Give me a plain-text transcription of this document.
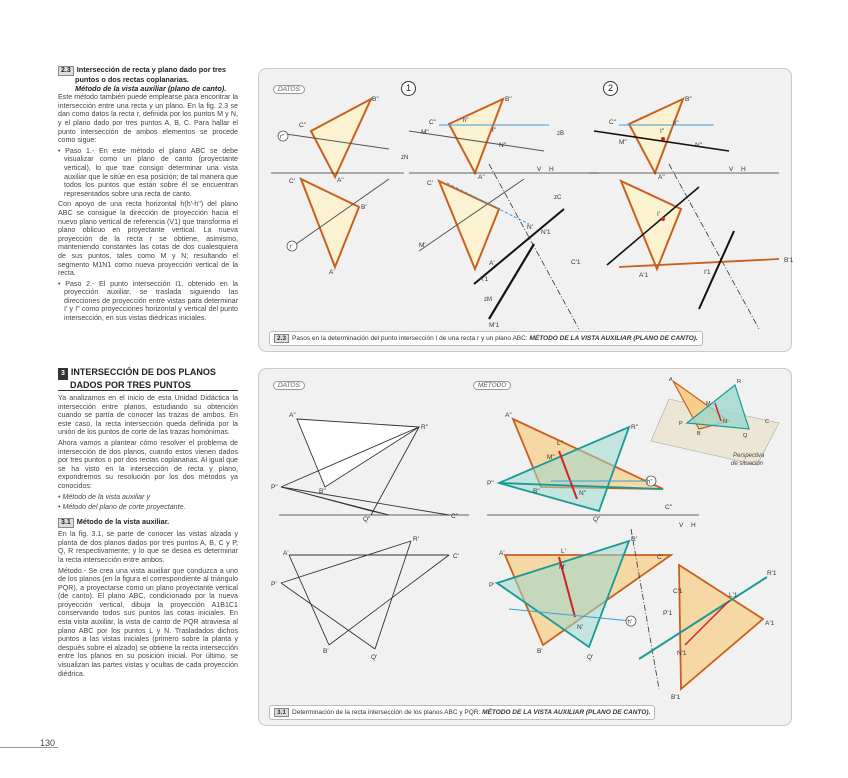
2.3 Intersección de recta y plano dado por tres
puntos o dos rectas coplanarias.
Método de la vista auxiliar (plano de canto).

Este método también puede emplearse para encontrar la intersección entre una recta y un plano. En la fig. 2.3 se dan como datos la recta r, definida por los puntos M y N, y el plano dado por tres puntos A, B, C. Para hallar el punto intersección de ambos elementos se procede como sigue:

• Paso 1.- En este método el plano ABC se debe visualizar como un plano de canto (proyectante vertical), lo que trae consigo determinar una vista auxiliar que le sitúe en esa posición; de tal manera que todos los puntos que están sobre él se encuentran representados sobre una recta de canto.

Con apoyo de una recta horizontal h(h'-h") del plano ABC se consigue la dirección de proyección hacia el nuevo plano vertical de referencia (V1) que transforma el plano oblicuo en proyectante vertical. La nueva proyección de la recta r se obtiene, asimismo, manteniendo constantes las cotas de dos cualesquiera de sus puntos, tales como M y N; resultando el segmento M1N1 como nueva proyección vertical de la recta.

• Paso 2.- El punto intersección I1, obtenido en la proyección auxiliar, se traslada siguiendo las direcciones de proyección entre vistas para determinar I' y I" como proyecciones horizontal y vertical del punto intersección, en sus vistas diédricas iniciales.

3 INTERSECCIÓN DE DOS PLANOS
DADOS POR TRES PUNTOS

Ya analizamos en el inicio de esta Unidad Didáctica la intersección entre planos, estudiando su obtención cuando se partía de conocer las trazas de ambos. En este caso, la recta intersección queda definida por la unión de los puntos de corte de las trazas homónimas.

Ahora vamos a plantear cómo resolver el problema de intersección de dos planos, cuando estos vienen dados por tres puntos o por dos rectas coplanarias. Al igual que se ha visto en la intersección de recta y plano, expondremos su resolución por los dos métodos ya conocidos:

• Método de la vista auxiliar y

• Método del plano de corte proyectante.

3.1 Método de la vista auxiliar.

En la fig. 3.1, se parte de conocer las vistas alzada y planta de dos planos dados por tres puntos A, B, C y P, Q, R respectivamente; y lo que se desea es determinar la recta intersección entre ambos.

Método.- Se crea una vista auxiliar que conduzca a uno de los planos (en la figura el correspondiente al triángulo PQR), a proyectarse como un plano proyectante vertical (de canto). El plano ABC, condicionado por la nueva proyección vertical, dibuja la proyección A1B1C1 conservando todos sus puntos las cotas iniciales. En esta vista auxiliar, la vista de canto de PQR atraviesa al plano ABC por los puntos L y N. Trasladados dichos puntos a las vistas iniciales (primero sobre la planta y después sobre el alzado) se obtiene la recta intersección entre los planos en su posición inicial. Por último, se visualizan las partes vistas y ocultas de cada proyección diédrica.

130
r"
B"
C"
A"
r'
C'
B'
A'
h"
B"
C"
A"
M"
N"
I"
C'
A'
M'
N'
V H
M'1
N'1
A'1
C'1
zC
zM
zN
zB
B"
C"
A"
M"	N"
I"
h"
I'
V H
B'1
A'1	I'1
DATOS	1	2
2.3 Pasos en la determinación del punto intersección I de una recta r y un plano ABC: MÉTODO DE LA VISTA AUXILIAR (PLANO DE CANTO).
A"
R"
P"
B"
Q"	C"
A'	C'
P'
R'
B'
Q'
h"
A"
R"
P"
B"
Q"
C"
L"
M"
N"
V H
h'
A'
C'
P'
R'
B'
Q'
L'
M'
N'
R'1
A'1
C'1
P'1
N'1
B'1
L'1
A	R
P
M
N
B
C
Q
Perspectiva
de situación
DATOS	MÉTODO
3.1 Determinación de la recta intersección de los planos ABC y PQR: MÉTODO DE LA VISTA AUXILIAR (PLANO DE CANTO).
